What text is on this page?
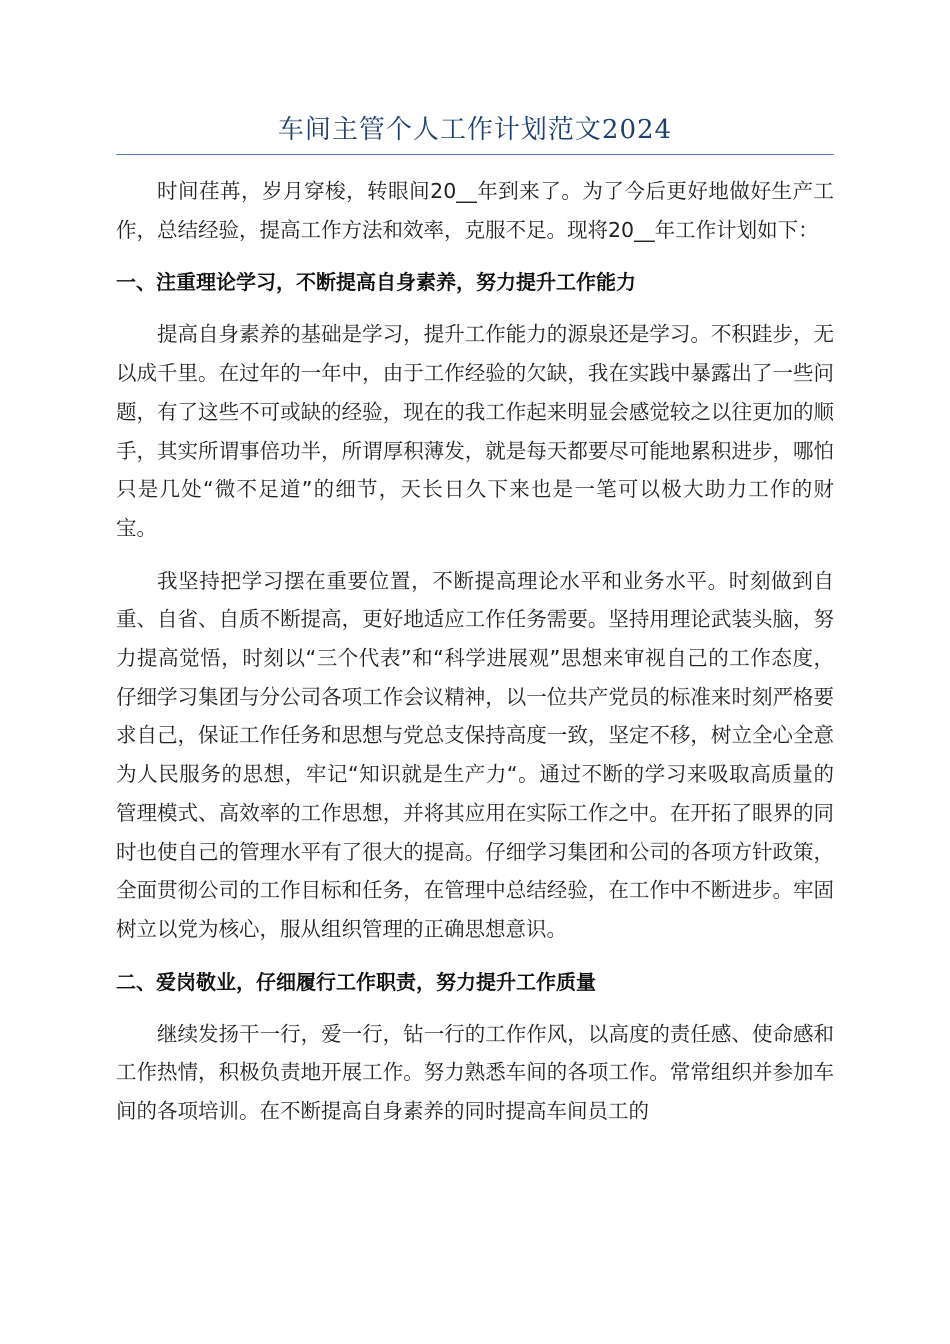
车间主管个人工作计划范文2024

时间荏苒，岁月穿梭，转眼间20__年到来了。为了今后更好地做好生产工作，总结经验，提高工作方法和效率，克服不足。现将20__年工作计划如下：

一、注重理论学习，不断提高自身素养，努力提升工作能力

提高自身素养的基础是学习，提升工作能力的源泉还是学习。不积跬步，无以成千里。在过年的一年中，由于工作经验的欠缺，我在实践中暴露出了一些问题，有了这些不可或缺的经验，现在的我工作起来明显会感觉较之以往更加的顺手，其实所谓事倍功半，所谓厚积薄发，就是每天都要尽可能地累积进步，哪怕只是几处“微不足道”的细节，天长日久下来也是一笔可以极大助力工作的财宝。

我坚持把学习摆在重要位置，不断提高理论水平和业务水平。时刻做到自重、自省、自质不断提高，更好地适应工作任务需要。坚持用理论武装头脑，努力提高觉悟，时刻以“三个代表”和“科学进展观”思想来审视自己的工作态度，仔细学习集团与分公司各项工作会议精神，以一位共产党员的标准来时刻严格要求自己，保证工作任务和思想与党总支保持高度一致，坚定不移，树立全心全意为人民服务的思想，牢记“知识就是生产力“。通过不断的学习来吸取高质量的管理模式、高效率的工作思想，并将其应用在实际工作之中。在开拓了眼界的同时也使自己的管理水平有了很大的提高。仔细学习集团和公司的各项方针政策，全面贯彻公司的工作目标和任务，在管理中总结经验，在工作中不断进步。牢固树立以党为核心，服从组织管理的正确思想意识。

二、爱岗敬业，仔细履行工作职责，努力提升工作质量

继续发扬干一行，爱一行，钻一行的工作作风，以高度的责任感、使命感和工作热情，积极负责地开展工作。努力熟悉车间的各项工作。常常组织并参加车间的各项培训。在不断提高自身素养的同时提高车间员工的
